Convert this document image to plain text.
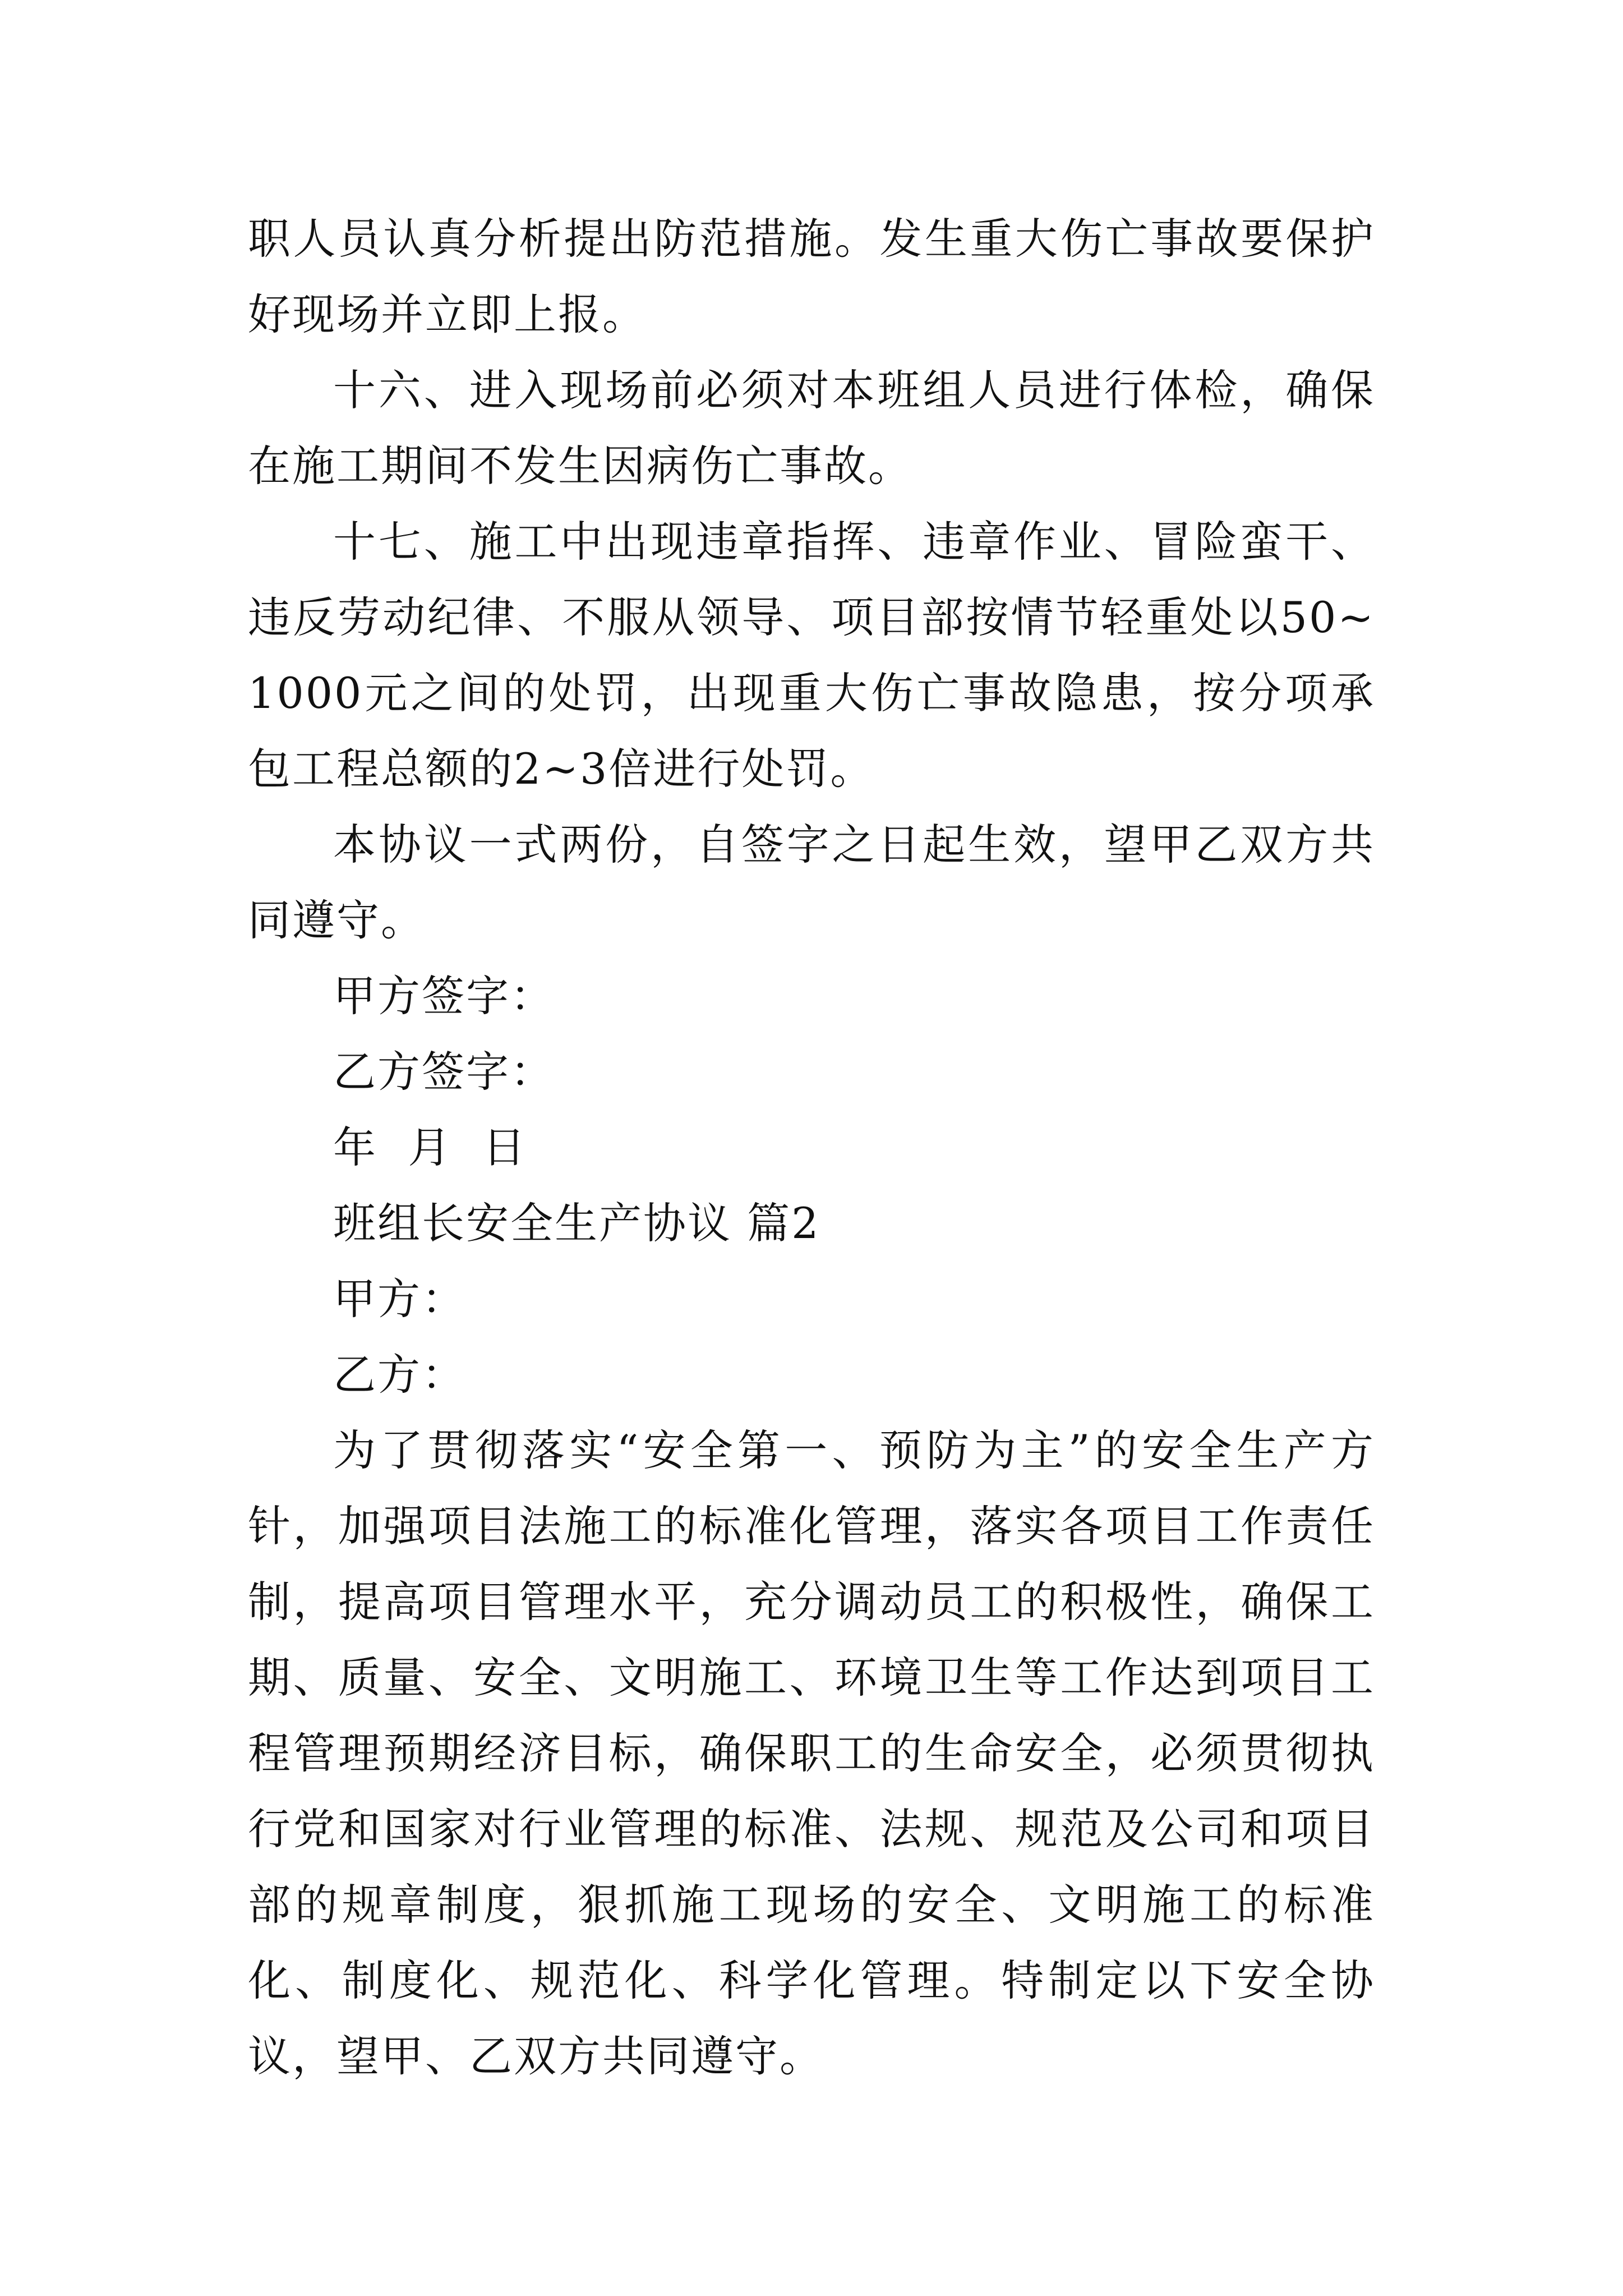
职人员认真分析提出防范措施。发生重大伤亡事故要保护好现场并立即上报。

十六、进入现场前必须对本班组人员进行体检，确保在施工期间不发生因病伤亡事故。

十七、施工中出现违章指挥、违章作业、冒险蛮干、违反劳动纪律、不服从领导、项目部按情节轻重处以50~1000元之间的处罚，出现重大伤亡事故隐患，按分项承包工程总额的2~3倍进行处罚。

本协议一式两份，自签字之日起生效，望甲乙双方共同遵守。

甲方签字：

乙方签字：

年  月  日

班组长安全生产协议 篇2

甲方：

乙方：

为了贯彻落实“安全第一、预防为主”的安全生产方针，加强项目法施工的标准化管理，落实各项目工作责任制，提高项目管理水平，充分调动员工的积极性，确保工期、质量、安全、文明施工、环境卫生等工作达到项目工程管理预期经济目标，确保职工的生命安全，必须贯彻执行党和国家对行业管理的标准、法规、规范及公司和项目部的规章制度，狠抓施工现场的安全、文明施工的标准化、制度化、规范化、科学化管理。特制定以下安全协议，望甲、乙双方共同遵守。
